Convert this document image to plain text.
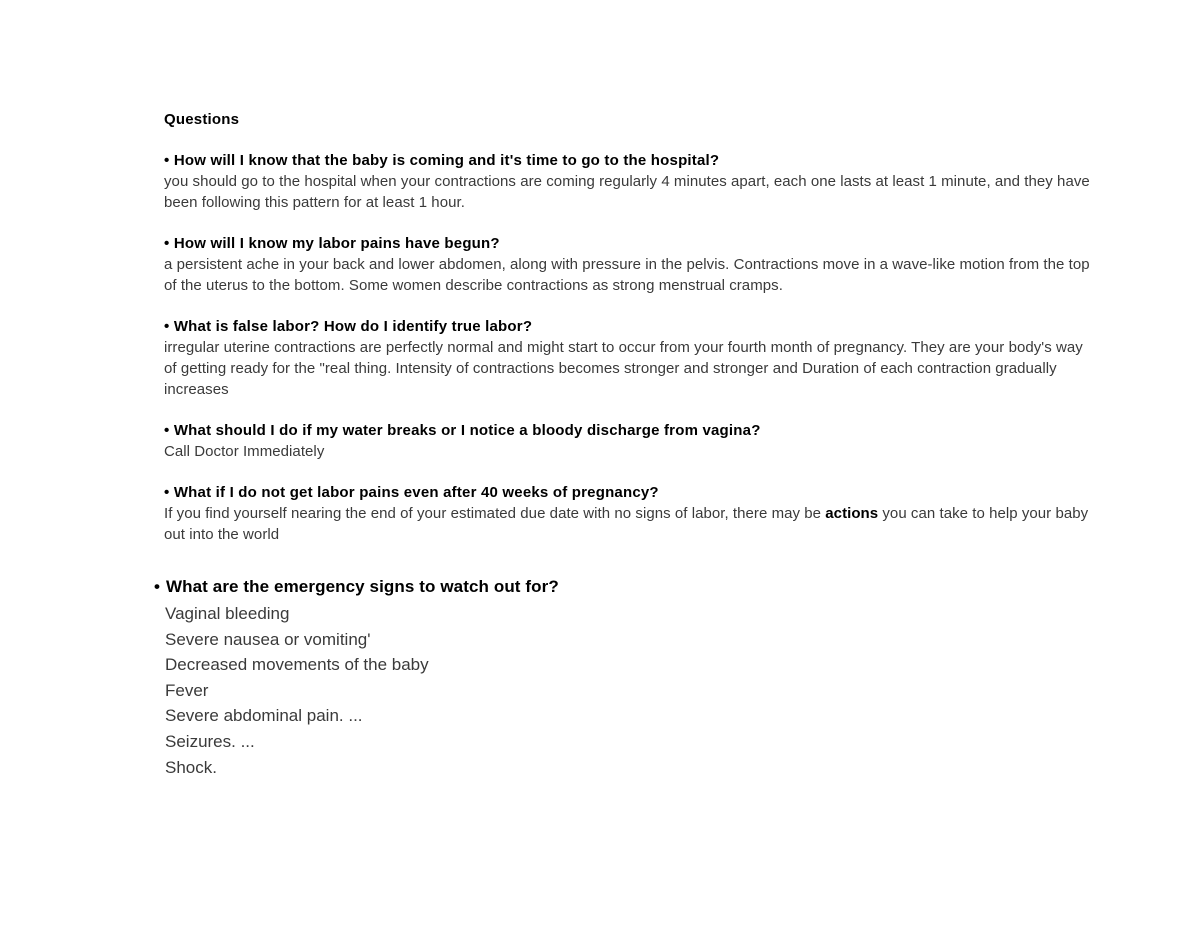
Questions
• How will I know that the baby is coming and it's time to go to the hospital?
you should go to the hospital when your contractions are coming regularly 4 minutes apart, each one lasts at least 1 minute, and they have been following this pattern for at least 1 hour.
• How will I know my labor pains have begun?
a persistent ache in your back and lower abdomen, along with pressure in the pelvis. Contractions move in a wave-like motion from the top of the uterus to the bottom. Some women describe contractions as strong menstrual cramps.
• What is false labor? How do I identify true labor?
irregular uterine contractions are perfectly normal and might start to occur from your fourth month of pregnancy. They are your body's way of getting ready for the "real thing. Intensity of contractions becomes stronger and stronger and Duration of each contraction gradually increases
• What should I do if my water breaks or I notice a bloody discharge from vagina?
Call Doctor Immediately
• What if I do not get labor pains even after 40 weeks of pregnancy?
If you find yourself nearing the end of your estimated due date with no signs of labor, there may be actions you can take to help your baby out into the world
• What are the emergency signs to watch out for?
Vaginal bleeding
Severe nausea or vomiting'
Decreased movements of the baby
Fever
Severe abdominal pain. ...
Seizures. ...
Shock.
